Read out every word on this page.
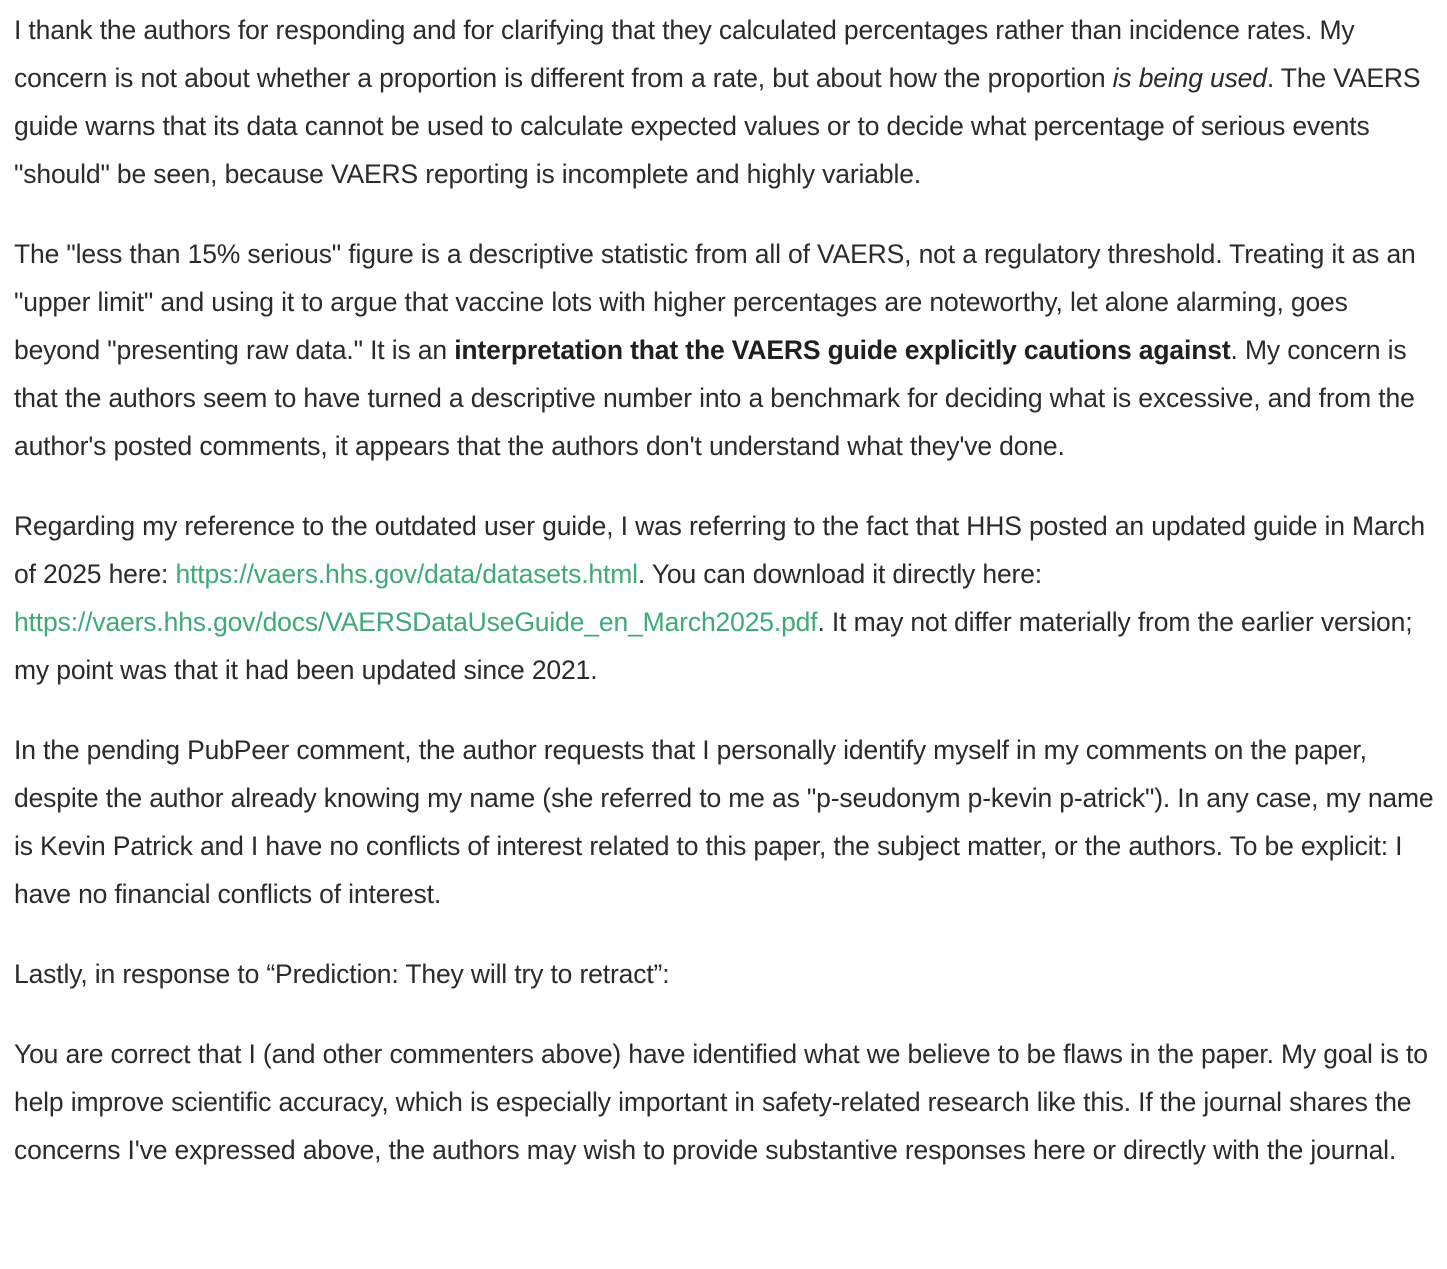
I thank the authors for responding and for clarifying that they calculated percentages rather than incidence rates. My concern is not about whether a proportion is different from a rate, but about how the proportion is being used. The VAERS guide warns that its data cannot be used to calculate expected values or to decide what percentage of serious events "should" be seen, because VAERS reporting is incomplete and highly variable.

The "less than 15% serious" figure is a descriptive statistic from all of VAERS, not a regulatory threshold. Treating it as an "upper limit" and using it to argue that vaccine lots with higher percentages are noteworthy, let alone alarming, goes beyond "presenting raw data." It is an interpretation that the VAERS guide explicitly cautions against. My concern is that the authors seem to have turned a descriptive number into a benchmark for deciding what is excessive, and from the author's posted comments, it appears that the authors don't understand what they've done.

Regarding my reference to the outdated user guide, I was referring to the fact that HHS posted an updated guide in March of 2025 here: https://vaers.hhs.gov/data/datasets.html. You can download it directly here: https://vaers.hhs.gov/docs/VAERSDataUseGuide_en_March2025.pdf. It may not differ materially from the earlier version; my point was that it had been updated since 2021.

In the pending PubPeer comment, the author requests that I personally identify myself in my comments on the paper, despite the author already knowing my name (she referred to me as "p-seudonym p-kevin p-atrick"). In any case, my name is Kevin Patrick and I have no conflicts of interest related to this paper, the subject matter, or the authors. To be explicit: I have no financial conflicts of interest.

Lastly, in response to “Prediction: They will try to retract”:

You are correct that I (and other commenters above) have identified what we believe to be flaws in the paper. My goal is to help improve scientific accuracy, which is especially important in safety-related research like this. If the journal shares the concerns I've expressed above, the authors may wish to provide substantive responses here or directly with the journal.
